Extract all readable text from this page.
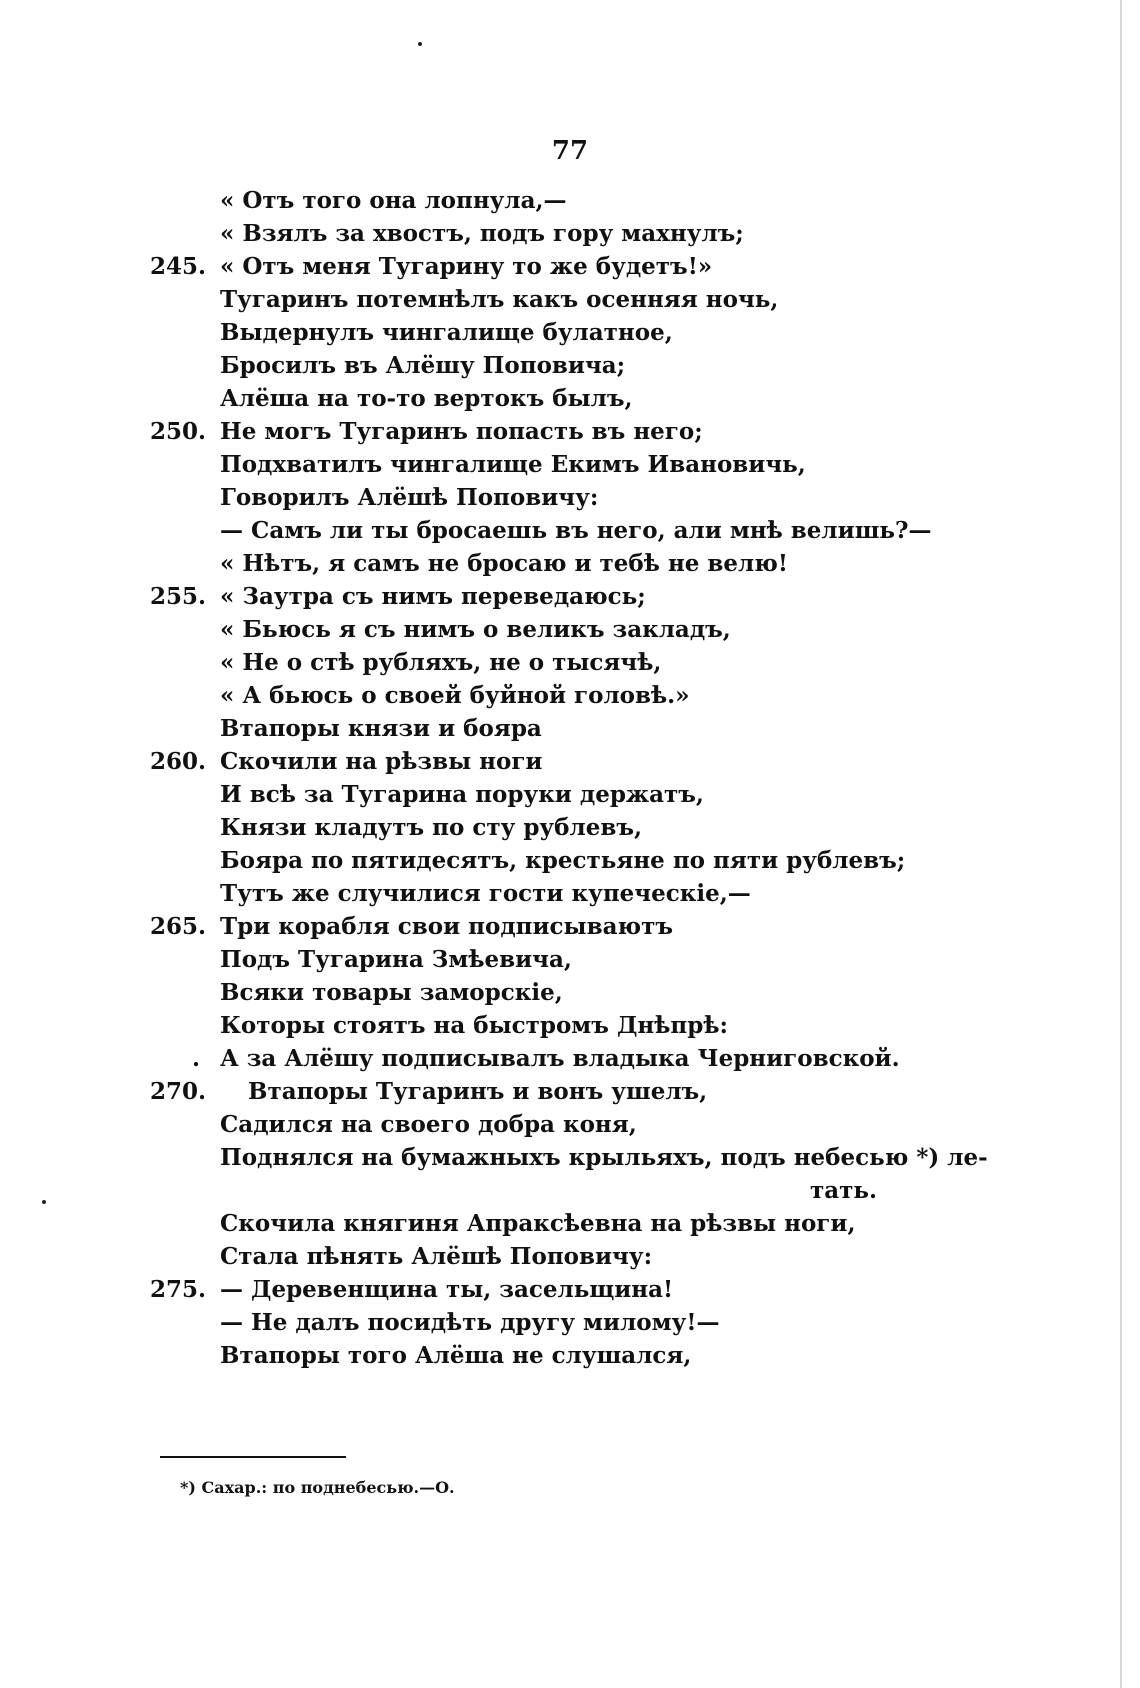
77
« Отъ того она лопнула,—
« Взялъ за хвостъ, подъ гору махнулъ;
245. « Отъ меня Тугарину то же будетъ!»
Тугаринъ потемнѣлъ какъ осенняя ночь,
Выдернулъ чингалище булатное,
Бросилъ въ Алёшу Поповича;
Алёша на то-то вертокъ былъ,
250. Не могъ Тугаринъ попасть въ него;
Подхватилъ чингалище Екимъ Ивановичь,
Говорилъ Алёшѣ Поповичу:
— Самъ ли ты бросаешь въ него, али мнѣ велишь?—
« Нѣтъ, я самъ не бросаю и тебѣ не велю!
255. « Заутра съ нимъ переведаюсь;
« Бьюсь я съ нимъ о великъ закладъ,
« Не о стѣ рубляхъ, не о тысячѣ,
« А бьюсь о своей буйной головѣ.»
Втапоры князи и бояра
260. Скочили на рѣзвы ноги
И всѣ за Тугарина поруки держатъ,
Князи кладутъ по сту рублевъ,
Бояра по пятидесятъ, крестьяне по пяти рублевъ;
Тутъ же случилися гости купеческіе,—
265. Три корабля свои подписываютъ
Подъ Тугарина Змѣевича,
Всяки товары заморскіе,
Которы стоятъ на быстромъ Днѣпрѣ:
. А за Алёшу подписывалъ владыка Черниговской.
270.	Втапоры Тугаринъ и вонъ ушелъ,
Садился на своего добра коня,
Поднялся на бумажныхъ крыльяхъ, подъ небесью *) ле-
тать.
Скочила княгиня Апраксѣевна на рѣзвы ноги,
Стала пѣнять Алёшѣ Поповичу:
275. — Деревенщина ты, засельщина!
— Не далъ посидѣть другу милому!—
Втапоры того Алёша не слушался,
*) Сахар.: по поднебесью.—О.
